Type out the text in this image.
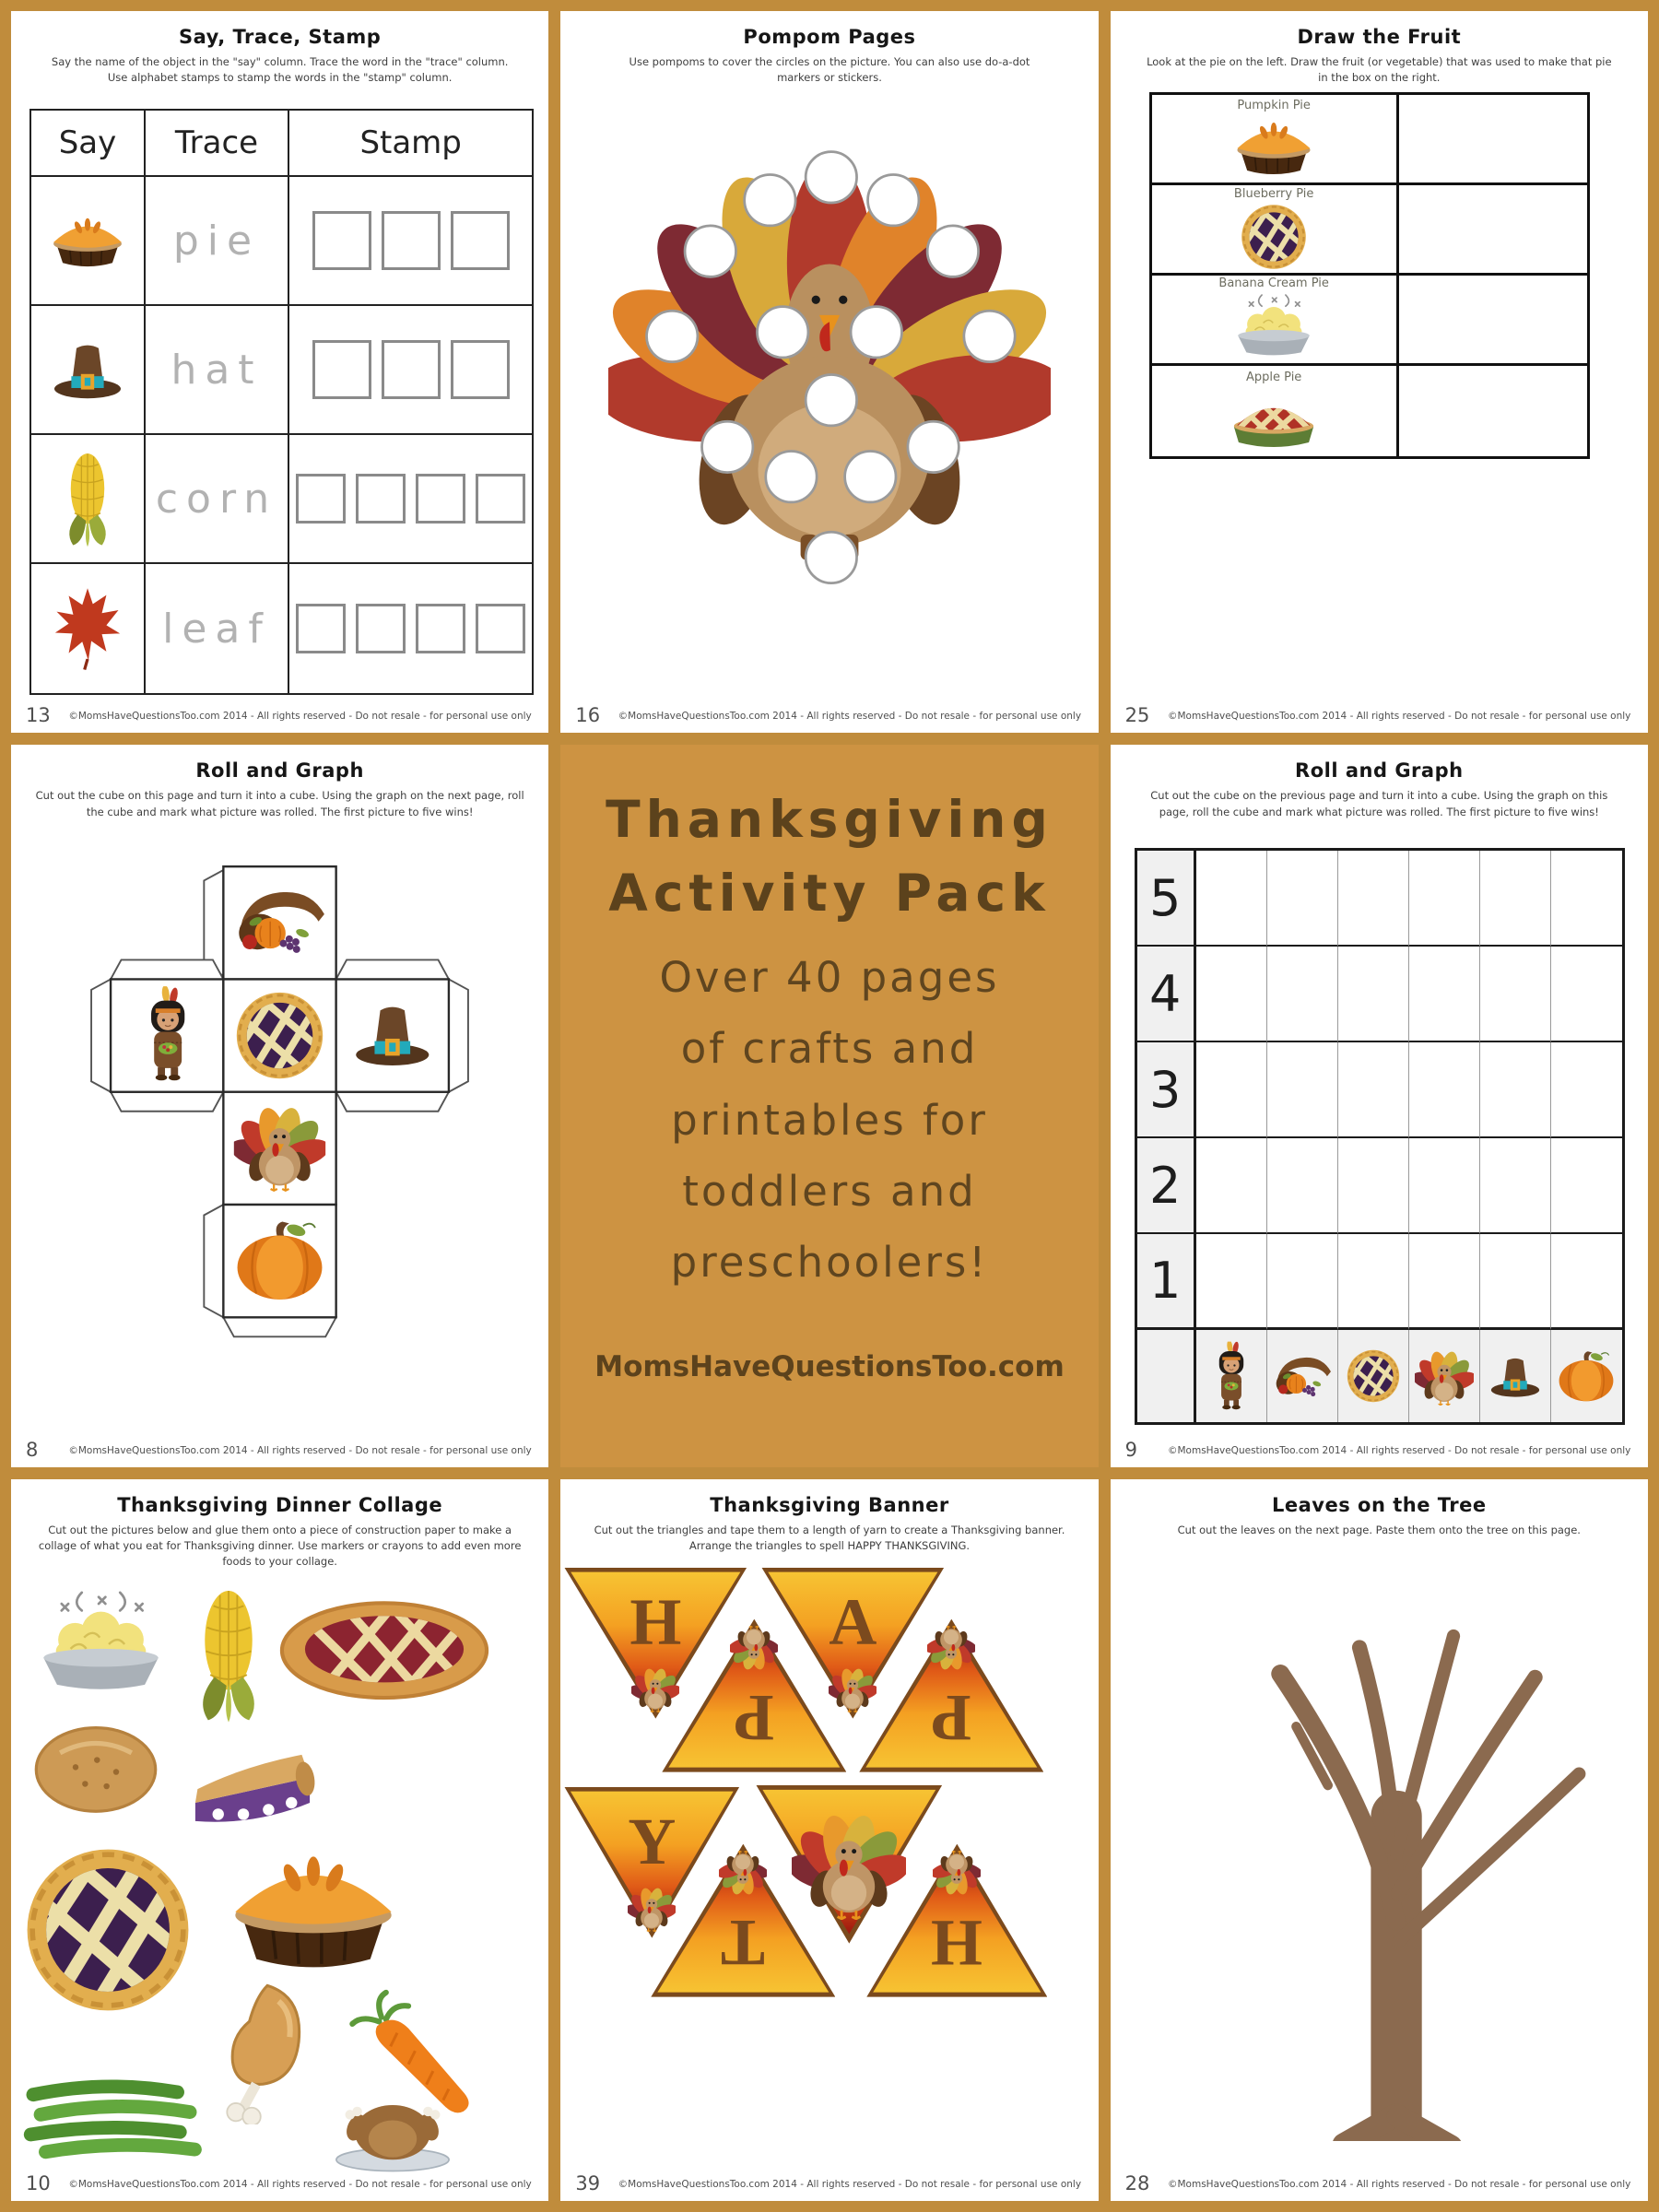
Say, Trace, Stamp

Say the name of the object in the "say" column. Trace the word in the "trace" column. Use alphabet stamps to stamp the words in the "stamp" column.

Say	Trace	Stamp
pie
hat
corn
leaf
13	©MomsHaveQuestionsToo.com 2014 - All rights reserved - Do not resale - for personal use only
Pompom Pages

Use pompoms to cover the circles on the picture. You can also use do-a-dot markers or stickers.

16	©MomsHaveQuestionsToo.com 2014 - All rights reserved - Do not resale - for personal use only
Draw the Fruit

Look at the pie on the left. Draw the fruit (or vegetable) that was used to make that pie in the box on the right.

Pumpkin Pie
Blueberry Pie
Banana Cream Pie
Apple Pie
25	©MomsHaveQuestionsToo.com 2014 - All rights reserved - Do not resale - for personal use only
Roll and Graph

Cut out the cube on this page and turn it into a cube. Using the graph on the next page, roll the cube and mark what picture was rolled. The first picture to five wins!

8	©MomsHaveQuestionsToo.com 2014 - All rights reserved - Do not resale - for personal use only
Thanksgiving
Activity Pack
Over 40 pages
of crafts and
printables for
toddlers and
preschoolers!
MomsHaveQuestionsToo.com
Roll and Graph

Cut out the cube on the previous page and turn it into a cube. Using the graph on this page, roll the cube and mark what picture was rolled. The first picture to five wins!

5
4
3
2
1
9	©MomsHaveQuestionsToo.com 2014 - All rights reserved - Do not resale - for personal use only
Thanksgiving Dinner Collage

Cut out the pictures below and glue them onto a piece of construction paper to make a collage of what you eat for Thanksgiving dinner. Use markers or crayons to add even more foods to your collage.

10	©MomsHaveQuestionsToo.com 2014 - All rights reserved - Do not resale - for personal use only
Thanksgiving Banner

Cut out the triangles and tape them to a length of yarn to create a Thanksgiving banner. Arrange the triangles to spell HAPPY THANKSGIVING.

H
P
A
P
Y
T	H
39	©MomsHaveQuestionsToo.com 2014 - All rights reserved - Do not resale - for personal use only
Leaves on the Tree

Cut out the leaves on the next page. Paste them onto the tree on this page.

28	©MomsHaveQuestionsToo.com 2014 - All rights reserved - Do not resale - for personal use only
